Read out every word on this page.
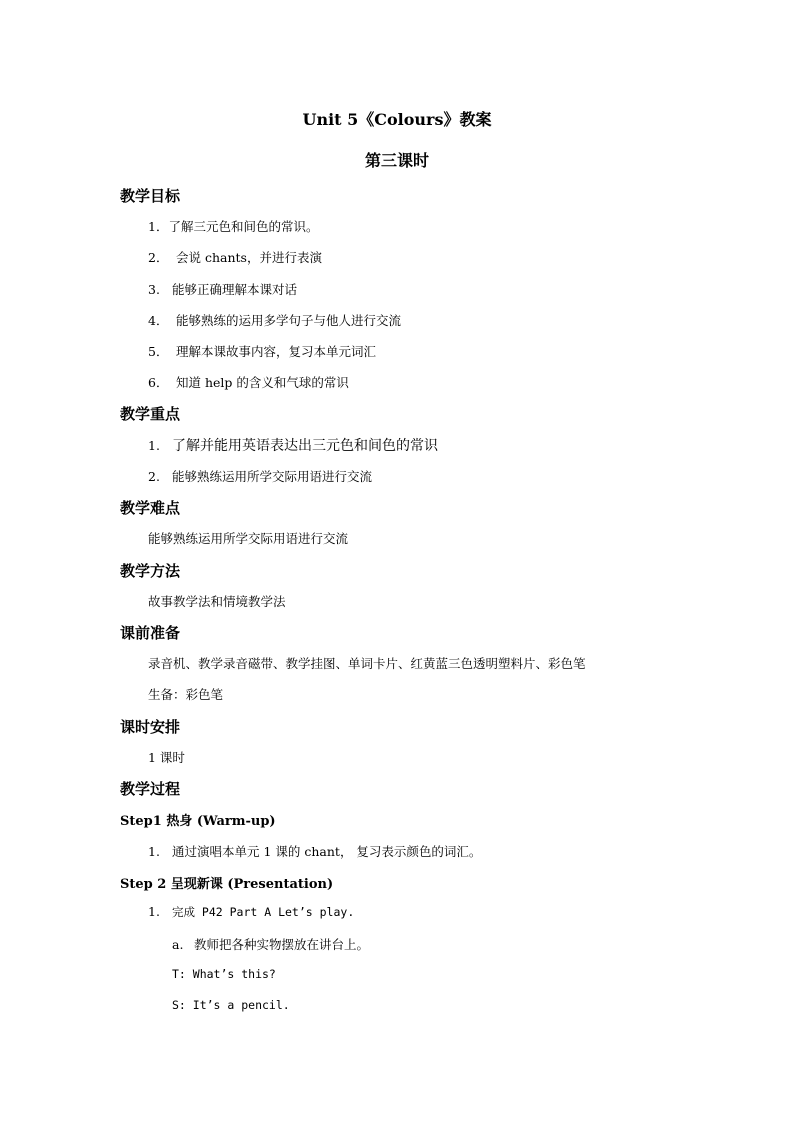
Unit 5《Colours》教案
第三课时
教学目标
1．了解三元色和间色的常识。
2． 会说 chants，并进行表演
3. 能够正确理解本课对话
4． 能够熟练的运用多学句子与他人进行交流
5． 理解本课故事内容，复习本单元词汇
6． 知道 help 的含义和气球的常识
教学重点
1. 了解并能用英语表达出三元色和间色的常识
2. 能够熟练运用所学交际用语进行交流
教学难点
能够熟练运用所学交际用语进行交流
教学方法
故事教学法和情境教学法
课前准备
录音机、教学录音磁带、教学挂图、单词卡片、红黄蓝三色透明塑料片、彩色笔
生备：彩色笔
课时安排
1 课时
教学过程
Step1 热身 (Warm-up)
1. 通过演唱本单元 1 课的 chant， 复习表示颜色的词汇。
Step 2 呈现新课 (Presentation)
1. 完成 P42 Part A Let’s play.
a. 教师把各种实物摆放在讲台上。
T: What’s this?
S: It’s a pencil.
